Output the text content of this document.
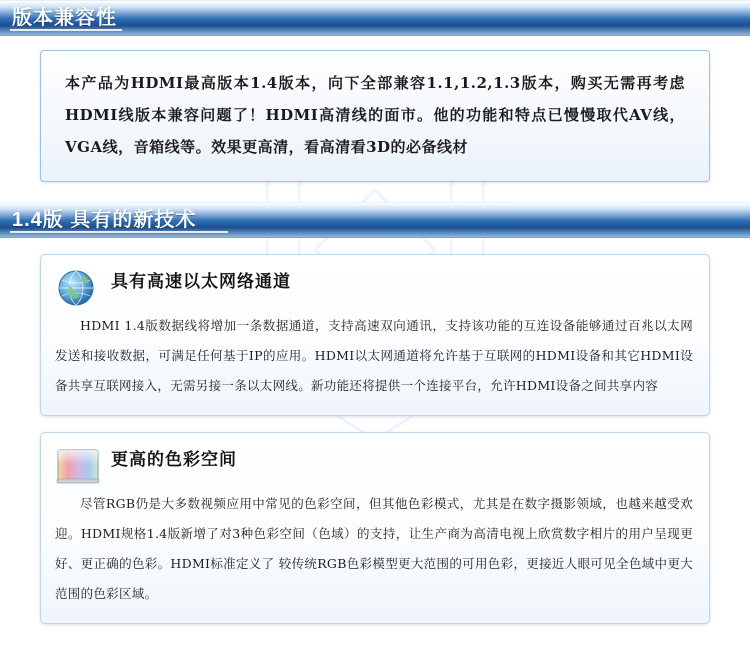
版本兼容性
本产品为HDMI最高版本1.4版本，向下全部兼容1.1,1.2,1.3版本，购买无需再考虑HDMI线版本兼容问题了！HDMI高清线的面市。他的功能和特点已慢慢取代AV线，VGA线，音箱线等。效果更高清，看高清看3D的必备线材
1.4版 具有的新技术
具有高速以太网络通道
HDMI 1.4版数据线将增加一条数据通道，支持高速双向通讯，支持该功能的互连设备能够通过百兆以太网发送和接收数据，可满足任何基于IP的应用。HDMI以太网通道将允许基于互联网的HDMI设备和其它HDMI设备共享互联网接入，无需另接一条以太网线。新功能还将提供一个连接平台，允许HDMI设备之间共享内容
更高的色彩空间
尽管RGB仍是大多数视频应用中常见的色彩空间，但其他色彩模式，尤其是在数字摄影领域，也越来越受欢迎。HDMI规格1.4版新增了对3种色彩空间（色域）的支持，让生产商为高清电视上欣赏数字相片的用户呈现更好、更正确的色彩。HDMI标准定义了 较传统RGB色彩模型更大范围的可用色彩，更接近人眼可见全色域中更大范围的色彩区域。
